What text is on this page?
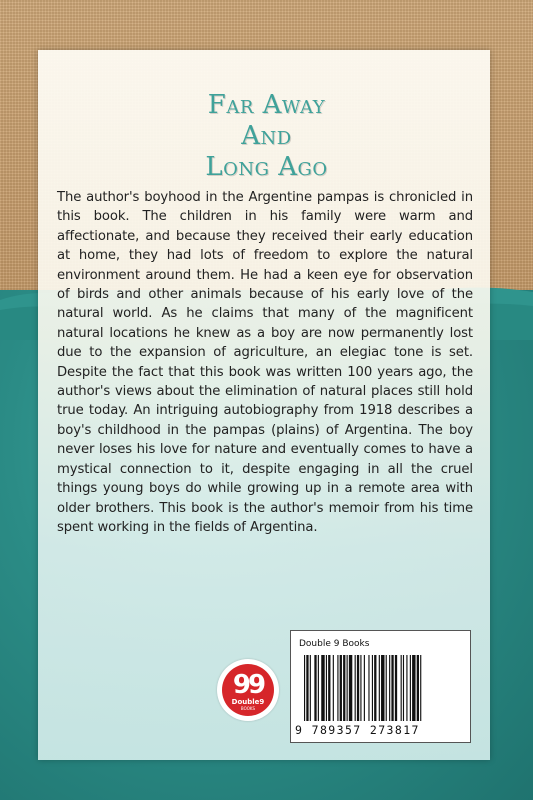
Far Away
And
Long Ago
The author's boyhood in the Argentine pampas is chronicled in this book. The children in his family were warm and affectionate, and because they received their early education at home, they had lots of freedom to explore the natural environment around them. He had a keen eye for observation of birds and other animals because of his early love of the natural world. As he claims that many of the magnificent natural locations he knew as a boy are now permanently lost due to the expansion of agriculture, an elegiac tone is set. Despite the fact that this book was written 100 years ago, the author's views about the elimination of natural places still hold true today. An intriguing autobiography from 1918 describes a boy's childhood in the pampas (plains) of Argentina. The boy never loses his love for nature and eventually comes to have a mystical connection to it, despite engaging in all the cruel things young boys do while growing up in a remote area with older brothers. This book is the author's memoir from his time spent working in the fields of Argentina.
99
Double9
BOOKS
Double 9 Books
9 789357 273817
